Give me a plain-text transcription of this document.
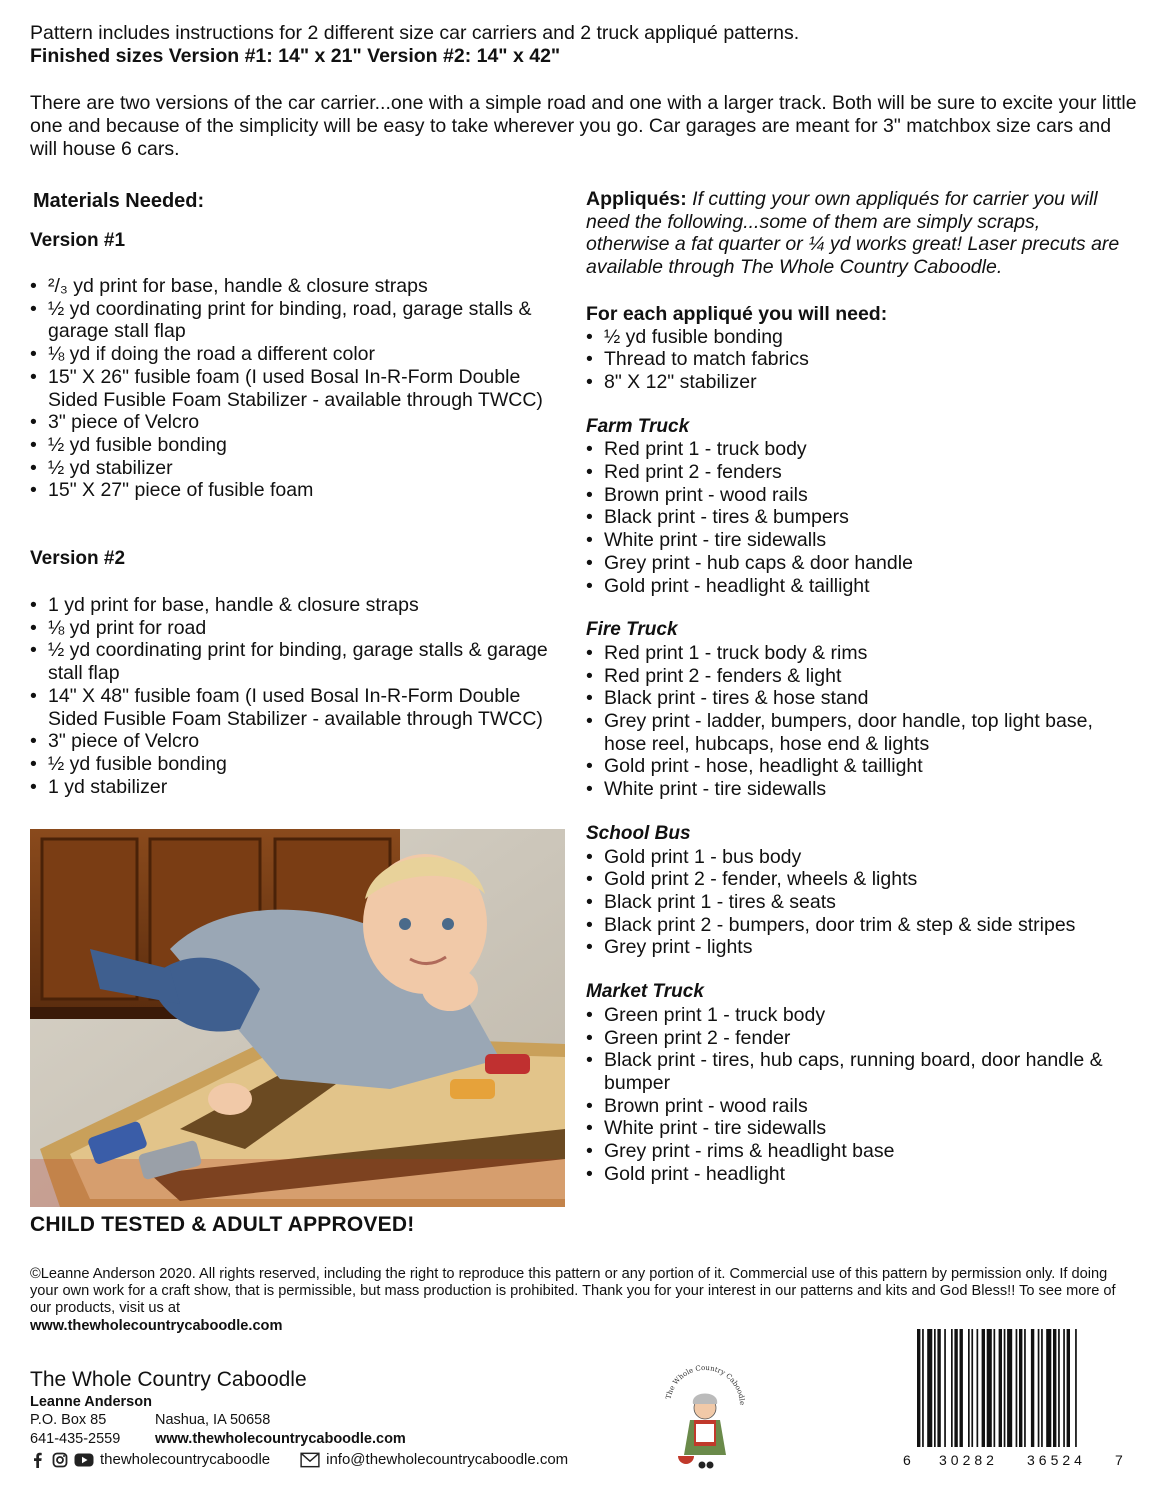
Pattern includes instructions for 2 different size car carriers and 2 truck appliqué patterns.
Finished sizes Version #1: 14" x 21" Version #2: 14" x 42"
There are two versions of the car carrier...one with a simple road and one with a larger track. Both will be sure to excite your little one and because of the simplicity will be easy to take wherever you go. Car garages are meant for 3" matchbox size cars and will house 6 cars.
Materials Needed:
Version #1
• ²/₃ yd print for base, handle & closure straps
• ½ yd coordinating print for binding, road, garage stalls & garage stall flap
• ⅛ yd if doing the road a different color
• 15" X 26" fusible foam (I used Bosal In-R-Form Double Sided Fusible Foam Stabilizer - available through TWCC)
• 3" piece of Velcro
• ½ yd fusible bonding
• ½ yd stabilizer
• 15" X 27" piece of fusible foam
Version #2
• 1 yd print for base, handle & closure straps
• ⅛ yd print for road
• ½ yd coordinating print for binding, garage stalls & garage stall flap
• 14" X 48" fusible foam (I used Bosal In-R-Form Double Sided Fusible Foam Stabilizer - available through TWCC)
• 3" piece of Velcro
• ½ yd fusible bonding
• 1 yd stabilizer
CHILD TESTED & ADULT APPROVED!
Appliqués: If cutting your own appliqués for carrier you will need the following...some of them are simply scraps, otherwise a fat quarter or ¼ yd works great! Laser precuts are available through The Whole Country Caboodle.
For each appliqué you will need:
• ½ yd fusible bonding
• Thread to match fabrics
• 8" X 12" stabilizer
Farm Truck
• Red print 1 - truck body
• Red print 2 - fenders
• Brown print - wood rails
• Black print - tires & bumpers
• White print - tire sidewalls
• Grey print - hub caps & door handle
• Gold print - headlight & taillight
Fire Truck
• Red print 1 - truck body & rims
• Red print 2 - fenders & light
• Black print - tires & hose stand
• Grey print - ladder, bumpers, door handle, top light base, hose reel, hubcaps, hose end & lights
• Gold print - hose, headlight & taillight
• White print - tire sidewalls
School Bus
• Gold print 1 - bus body
• Gold print 2 - fender, wheels & lights
• Black print 1 - tires & seats
• Black print 2 - bumpers, door trim & step & side stripes
• Grey print - lights
Market Truck
• Green print 1 - truck body
• Green print 2 - fender
• Black print - tires, hub caps, running board, door handle & bumper
• Brown print - wood rails
• White print - tire sidewalls
• Grey print - rims & headlight base
• Gold print - headlight
©Leanne Anderson 2020. All rights reserved, including the right to reproduce this pattern or any portion of it. Commercial use of this pattern by permission only. If doing your own work for a craft show, that is permissible, but mass production is prohibited. Thank you for your interest in our patterns and kits and God Bless!! To see more of our products, visit us at
www.thewholecountrycaboodle.com
The Whole Country Caboodle
Leanne Anderson
P.O. Box 85	Nashua, IA 50658
641-435-2559 www.thewholecountrycaboodle.com
thewholecountrycaboodle	info@thewholecountrycaboodle.com
The Whole Country Caboodle
6 30282 36524 7
